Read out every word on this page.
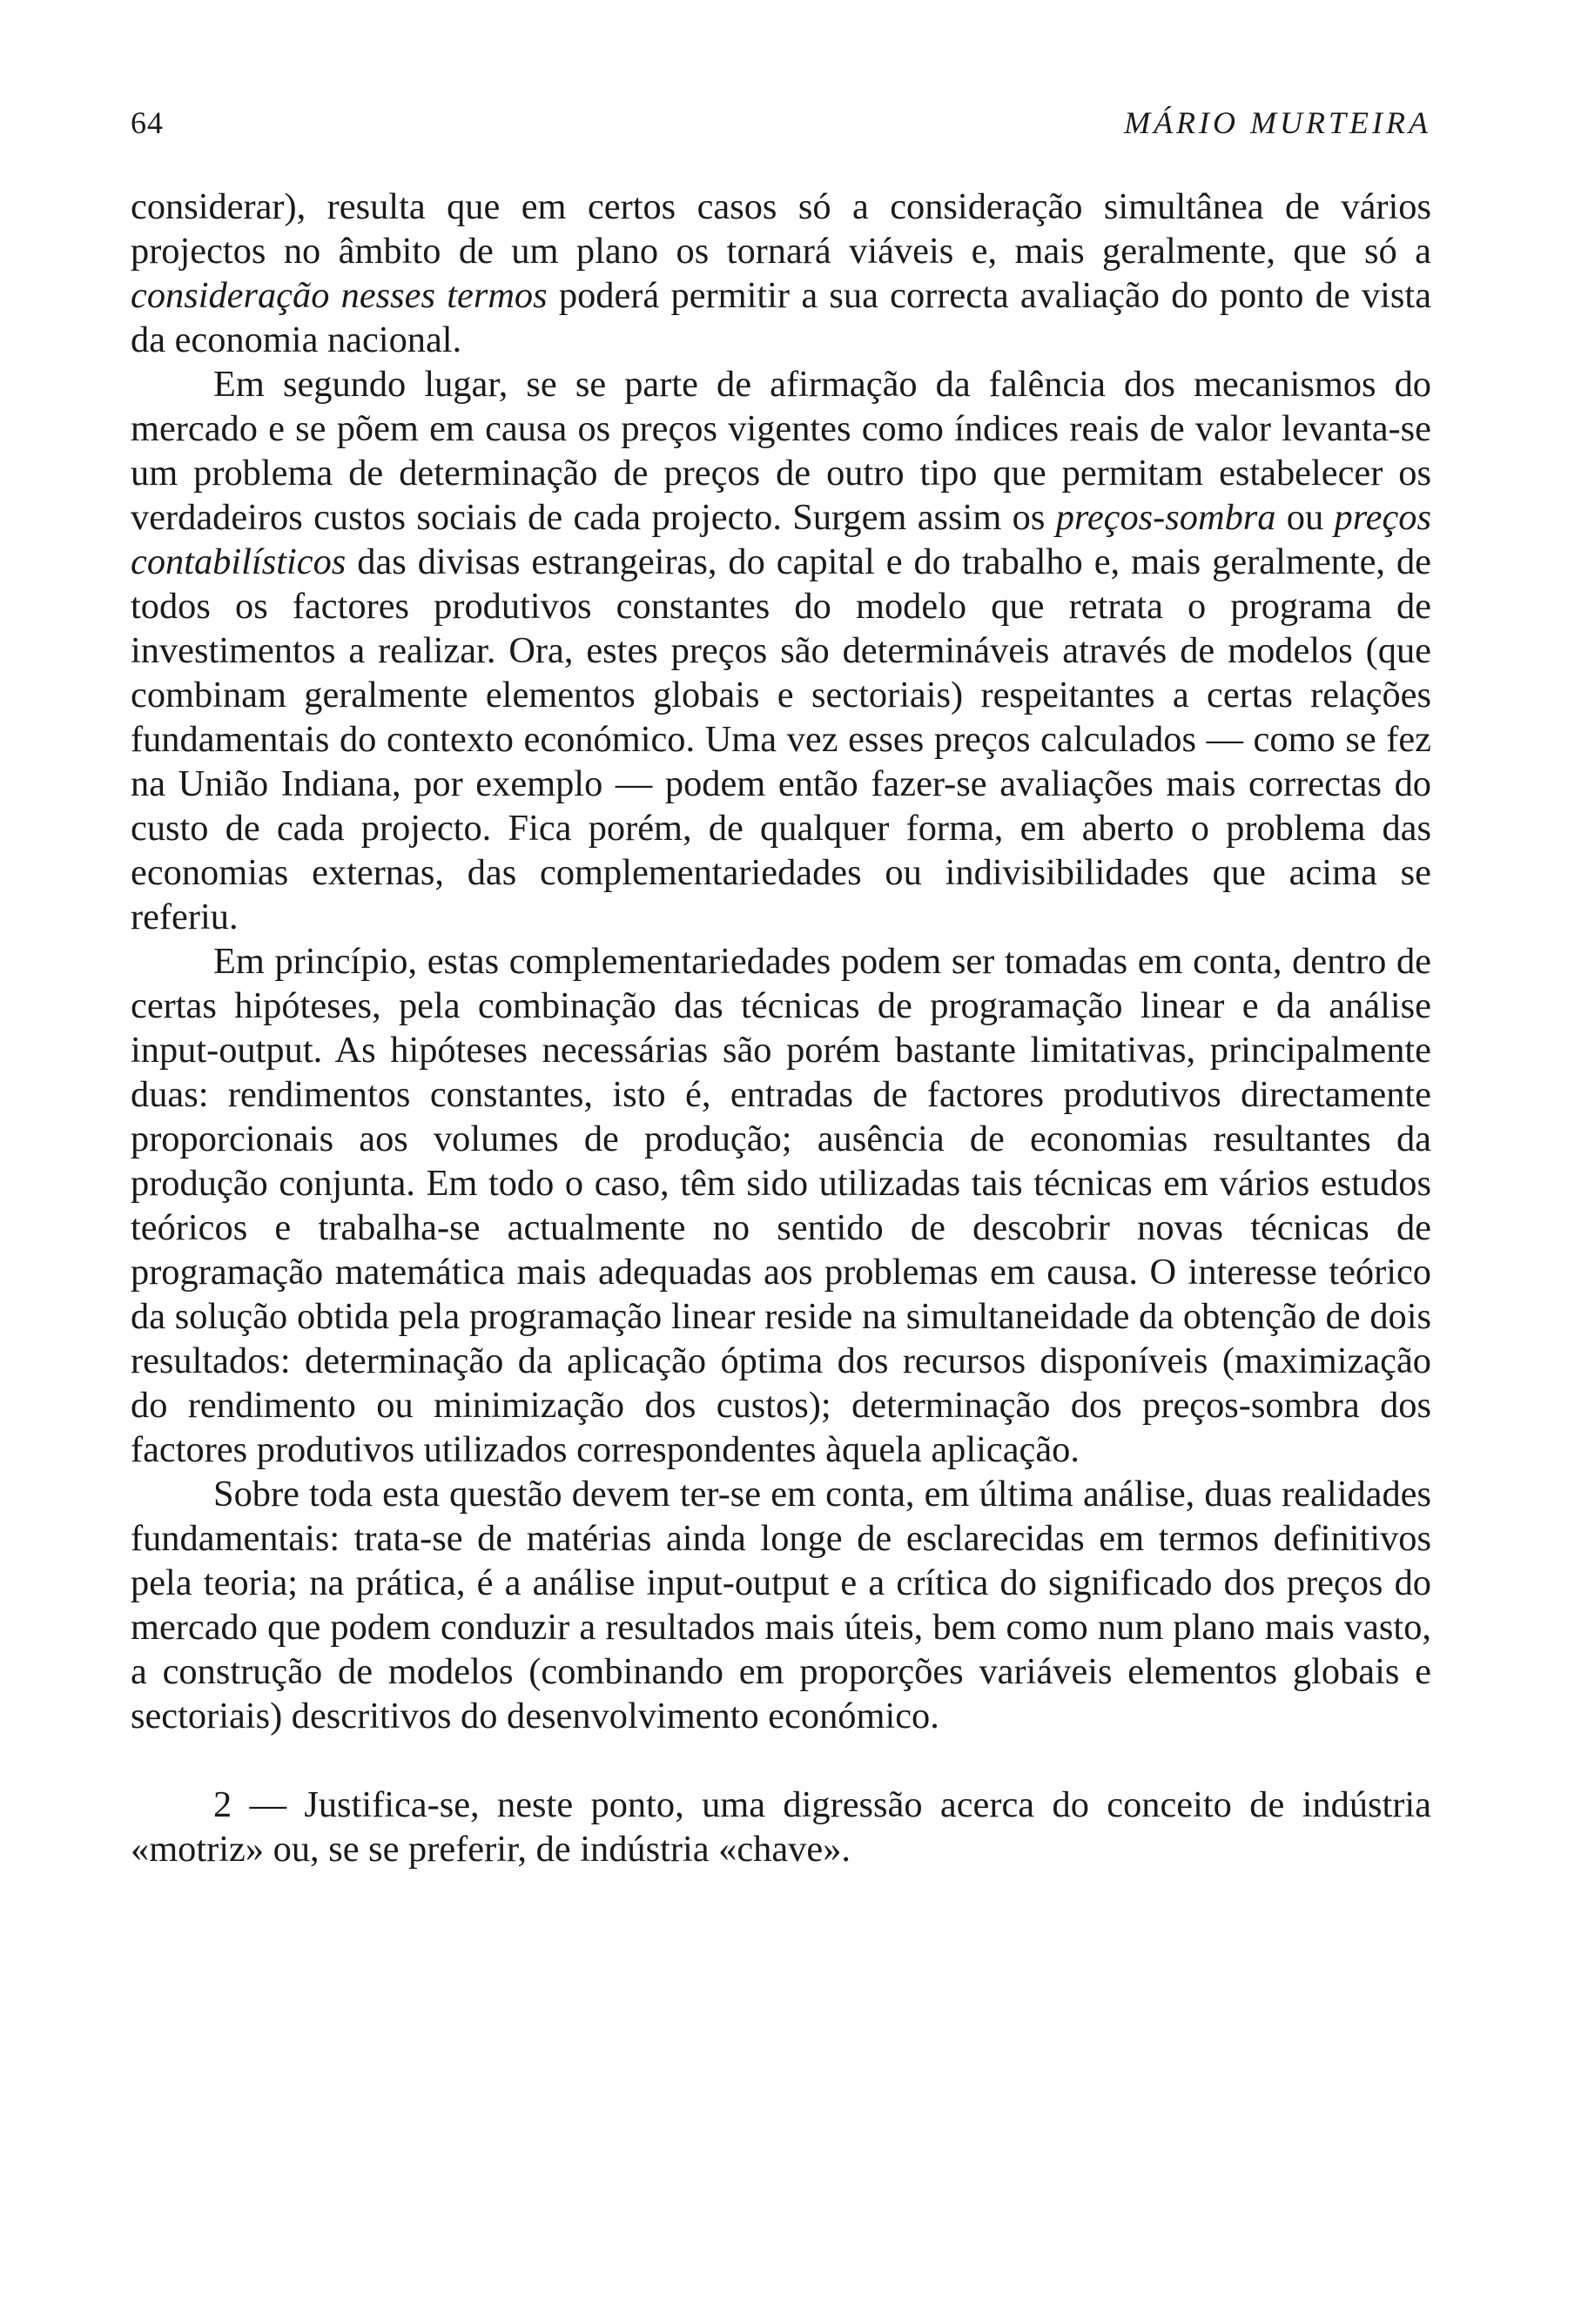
64	MÁRIO MURTEIRA

considerar), resulta que em certos casos só a consideração simultânea de vários projectos no âmbito de um plano os tornará viáveis e, mais geralmente, que só a consideração nesses termos poderá permitir a sua correcta avaliação do ponto de vista da economia nacional.

Em segundo lugar, se se parte de afirmação da falência dos mecanismos do mercado e se põem em causa os preços vigentes como índices reais de valor levanta-se um problema de determinação de preços de outro tipo que permitam estabelecer os verdadeiros custos sociais de cada projecto. Surgem assim os preços-sombra ou preços contabilísticos das divisas estrangeiras, do capital e do trabalho e, mais geralmente, de todos os factores produtivos constantes do modelo que retrata o programa de investimentos a realizar. Ora, estes preços são determináveis através de modelos (que combinam geralmente elementos globais e sectoriais) respeitantes a certas relações fundamentais do contexto económico. Uma vez esses preços calculados — como se fez na União Indiana, por exemplo — podem então fazer-se avaliações mais correctas do custo de cada projecto. Fica porém, de qualquer forma, em aberto o problema das economias externas, das complementariedades ou indivisibilidades que acima se referiu.

Em princípio, estas complementariedades podem ser tomadas em conta, dentro de certas hipóteses, pela combinação das técnicas de programação linear e da análise input-output. As hipóteses necessárias são porém bastante limitativas, principalmente duas: rendimentos constantes, isto é, entradas de factores produtivos directamente proporcionais aos volumes de produção; ausência de economias resultantes da produção conjunta. Em todo o caso, têm sido utilizadas tais técnicas em vários estudos teóricos e trabalha-se actualmente no sentido de descobrir novas técnicas de programação matemática mais adequadas aos problemas em causa. O interesse teórico da solução obtida pela programação linear reside na simultaneidade da obtenção de dois resultados: determinação da aplicação óptima dos recursos disponíveis (maximização do rendimento ou minimização dos custos); determinação dos preços-sombra dos factores produtivos utilizados correspondentes àquela aplicação.

Sobre toda esta questão devem ter-se em conta, em última análise, duas realidades fundamentais: trata-se de matérias ainda longe de esclarecidas em termos definitivos pela teoria; na prática, é a análise input-output e a crítica do significado dos preços do mercado que podem conduzir a resultados mais úteis, bem como num plano mais vasto, a construção de modelos (combinando em proporções variáveis elementos globais e sectoriais) descritivos do desenvolvimento económico.

2 — Justifica-se, neste ponto, uma digressão acerca do conceito de indústria «motriz» ou, se se preferir, de indústria «chave».
